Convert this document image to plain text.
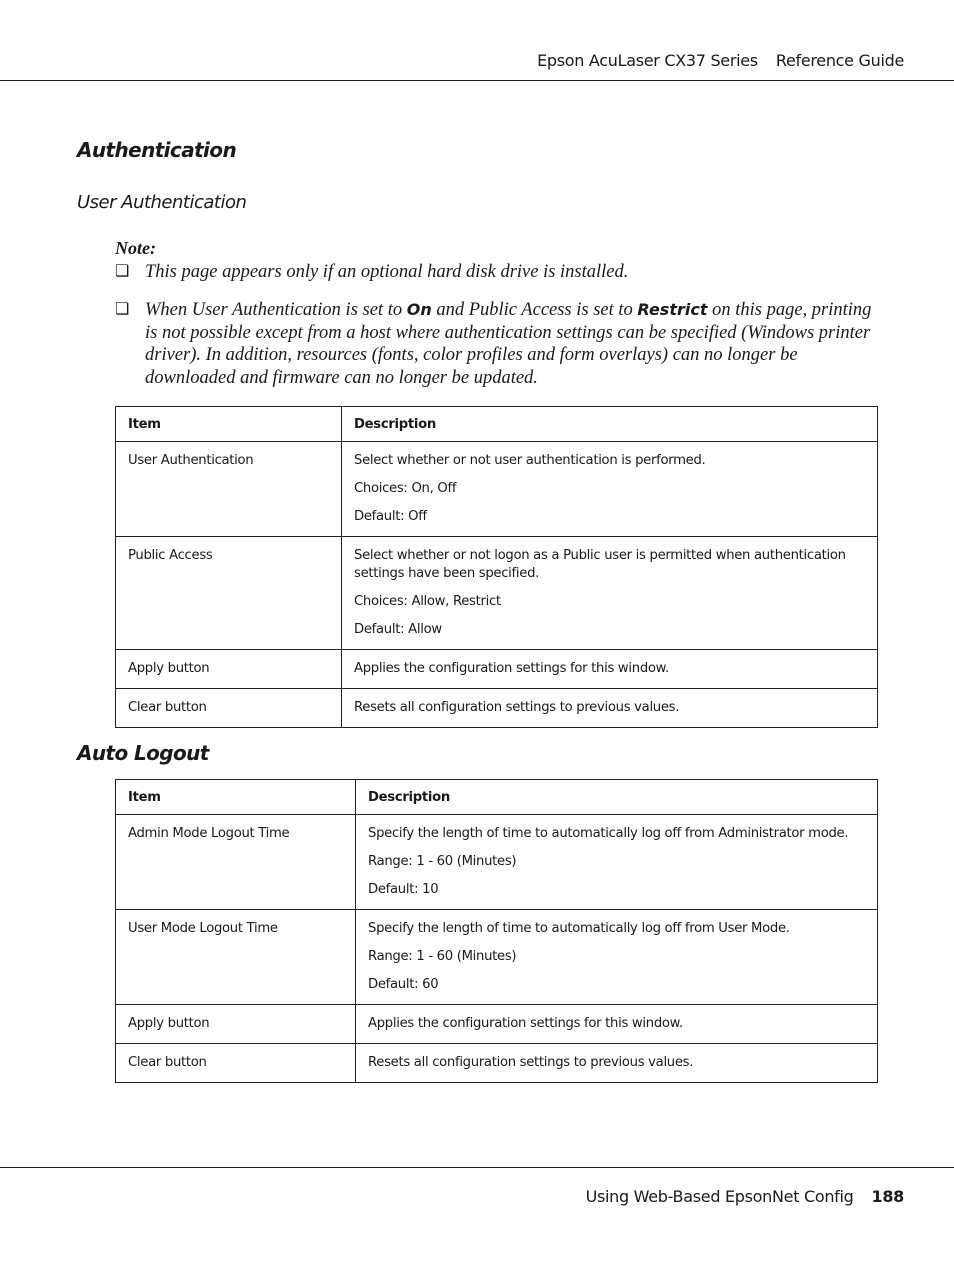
Epson AcuLaser CX37 Series Reference Guide
Authentication
User Authentication
Note:
❏ This page appears only if an optional hard disk drive is installed.
❏ When User Authentication is set to On and Public Access is set to Restrict on this page, printing is not possible except from a host where authentication settings can be specified (Windows printer driver). In addition, resources (fonts, color profiles and form overlays) can no longer be downloaded and firmware can no longer be updated.
Item	Description

User Authentication	Select whether or not user authentication is performed.

Choices: On, Off

Default: Off

Public Access	Select whether or not logon as a Public user is permitted when authentication settings have been specified.

Choices: Allow, Restrict

Default: Allow

Apply button	Applies the configuration settings for this window.

Clear button	Resets all configuration settings to previous values.

Auto Logout
Item	Description

Admin Mode Logout Time	Specify the length of time to automatically log off from Administrator mode.

Range: 1 - 60 (Minutes)

Default: 10

User Mode Logout Time	Specify the length of time to automatically log off from User Mode.

Range: 1 - 60 (Minutes)

Default: 60

Apply button	Applies the configuration settings for this window.

Clear button	Resets all configuration settings to previous values.

Using Web-Based EpsonNet Config 188
